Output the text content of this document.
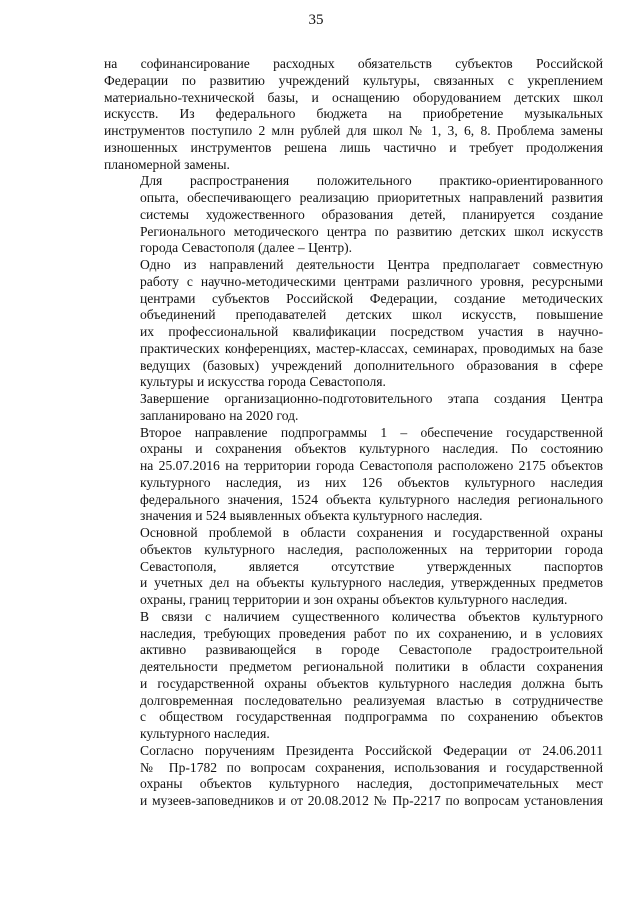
35

на софинансирование расходных обязательств субъектов Российской
Федерации по развитию учреждений культуры, связанных с укреплением
материально-технической базы, и оснащению оборудованием детских школ
искусств. Из федерального бюджета на приобретение музыкальных
инструментов поступило 2 млн рублей для школ № 1, 3, 6, 8. Проблема замены
изношенных инструментов решена лишь частично и требует продолжения
планомерной замены.

Для распространения положительного практико-ориентированного
опыта, обеспечивающего реализацию приоритетных направлений развития
системы художественного образования детей, планируется создание
Регионального методического центра по развитию детских школ искусств
города Севастополя (далее – Центр).

Одно из направлений деятельности Центра предполагает совместную
работу с научно-методическими центрами различного уровня, ресурсными
центрами субъектов Российской Федерации, создание методических
объединений преподавателей детских школ искусств, повышение
их профессиональной квалификации посредством участия в научно-
практических конференциях, мастер-классах, семинарах, проводимых на базе
ведущих (базовых) учреждений дополнительного образования в сфере
культуры и искусства города Севастополя.

Завершение организационно-подготовительного этапа создания Центра
запланировано на 2020 год.

Второе направление подпрограммы 1 – обеспечение государственной
охраны и сохранения объектов культурного наследия. По состоянию
на 25.07.2016 на территории города Севастополя расположено 2175 объектов
культурного наследия, из них 126 объектов культурного наследия
федерального значения, 1524 объекта культурного наследия регионального
значения и 524 выявленных объекта культурного наследия.

Основной проблемой в области сохранения и государственной охраны
объектов культурного наследия, расположенных на территории города
Севастополя, является отсутствие утвержденных паспортов
и учетных дел на объекты культурного наследия, утвержденных предметов
охраны, границ территории и зон охраны объектов культурного наследия.

В связи с наличием существенного количества объектов культурного
наследия, требующих проведения работ по их сохранению, и в условиях
активно развивающейся в городе Севастополе градостроительной
деятельности предметом региональной политики в области сохранения
и государственной охраны объектов культурного наследия должна быть
долговременная последовательно реализуемая властью в сотрудничестве
с обществом государственная подпрограмма по сохранению объектов
культурного наследия.

Согласно поручениям Президента Российской Федерации от 24.06.2011
№ Пр-1782 по вопросам сохранения, использования и государственной
охраны объектов культурного наследия, достопримечательных мест
и музеев-заповедников и от 20.08.2012 № Пр-2217 по вопросам установления
